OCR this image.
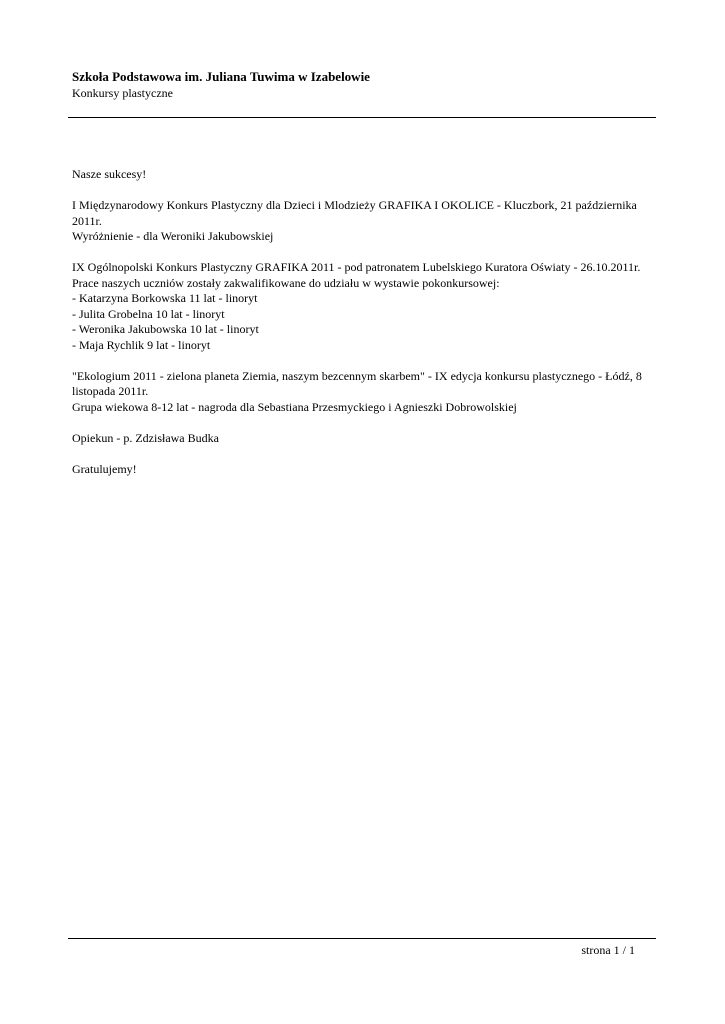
Szkoła Podstawowa im. Juliana Tuwima w Izabelowie
Konkursy plastyczne

Nasze sukcesy!

I Międzynarodowy Konkurs Plastyczny dla Dzieci i Mlodzieży GRAFIKA I OKOLICE - Kluczbork, 21 października
2011r.
Wyróżnienie - dla Weroniki Jakubowskiej

IX Ogólnopolski Konkurs Plastyczny GRAFIKA 2011 - pod patronatem Lubelskiego Kuratora Oświaty - 26.10.2011r.
Prace naszych uczniów zostały zakwalifikowane do udziału w wystawie pokonkursowej:
- Katarzyna Borkowska 11 lat - linoryt
- Julita Grobelna 10 lat - linoryt
- Weronika Jakubowska 10 lat - linoryt
- Maja Rychlik 9 lat - linoryt

"Ekologium 2011 - zielona planeta Ziemia, naszym bezcennym skarbem" - IX edycja konkursu plastycznego - Łódź, 8
listopada 2011r.
Grupa wiekowa 8-12 lat - nagroda dla Sebastiana Przesmyckiego i Agnieszki Dobrowolskiej

Opiekun - p. Zdzisława Budka

Gratulujemy!

strona 1 / 1
